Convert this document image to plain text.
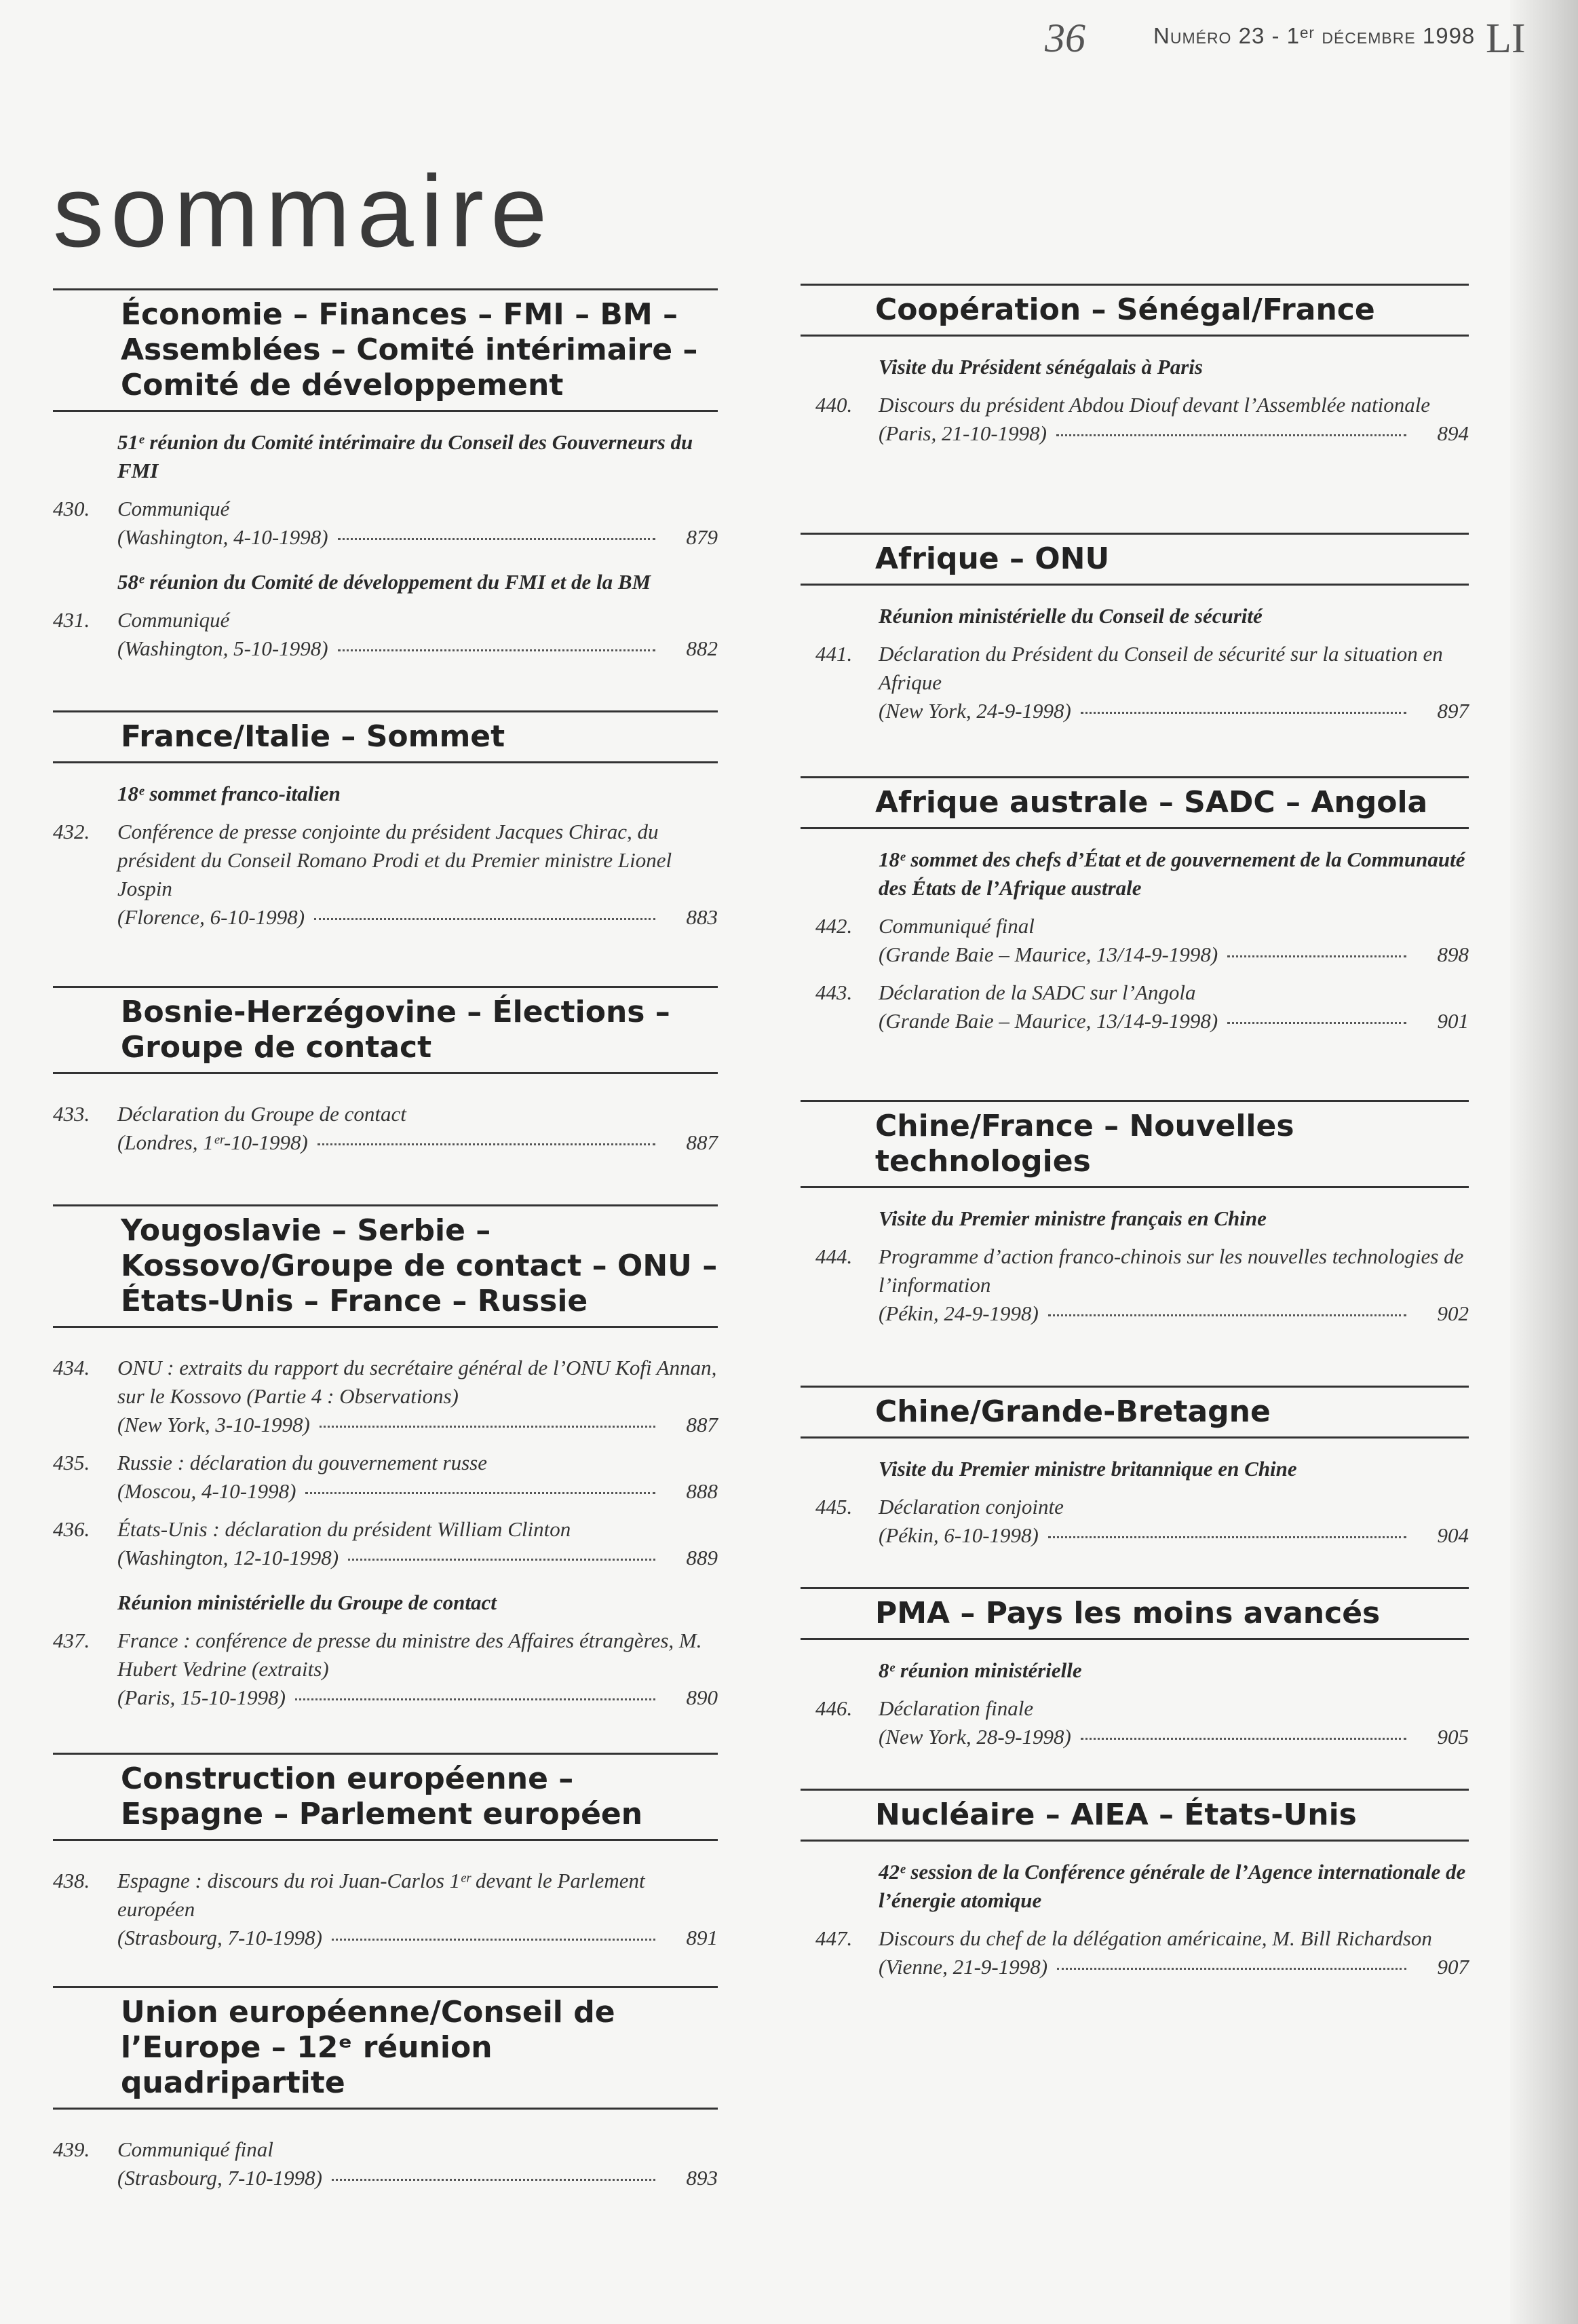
36	Numéro 23 - 1ᵉʳ décembre 1998 LI
sommaire
Économie – Finances – FMI – BM – Assemblées – Comité intérimaire – Comité de développement
51ᵉ réunion du Comité intérimaire du Conseil des Gouverneurs du FMI
430.	Communiqué
(Washington, 4-10-1998)	879
58ᵉ réunion du Comité de développement du FMI et de la BM
431.	Communiqué
(Washington, 5-10-1998)	882
France/Italie – Sommet
18ᵉ sommet franco-italien
432.	Conférence de presse conjointe du président Jacques Chirac, du président du Conseil Romano Prodi et du Premier ministre Lionel Jospin
(Florence, 6-10-1998)	883
Bosnie-Herzégovine – Élections – Groupe de contact
433.	Déclaration du Groupe de contact
(Londres, 1ᵉʳ-10-1998)	887
Yougoslavie – Serbie – Kossovo/Groupe de contact – ONU – États-Unis – France – Russie
434.	ONU : extraits du rapport du secrétaire général de l’ONU Kofi Annan, sur le Kossovo (Partie 4 : Observations)
(New York, 3-10-1998)	887
435.	Russie : déclaration du gouvernement russe
(Moscou, 4-10-1998)	888
436.	États-Unis : déclaration du président William Clinton
(Washington, 12-10-1998)	889
Réunion ministérielle du Groupe de contact
437.	France : conférence de presse du ministre des Affaires étrangères, M. Hubert Vedrine (extraits)
(Paris, 15-10-1998)	890
Construction européenne – Espagne – Parlement européen
438.	Espagne : discours du roi Juan-Carlos 1ᵉʳ devant le Parlement européen
(Strasbourg, 7-10-1998)	891
Union européenne/Conseil de l’Europe – 12ᵉ réunion quadripartite
439.	Communiqué final
(Strasbourg, 7-10-1998)	893
Coopération – Sénégal/France
Visite du Président sénégalais à Paris
440.	Discours du président Abdou Diouf devant l’Assemblée nationale
(Paris, 21-10-1998)	894
Afrique – ONU
Réunion ministérielle du Conseil de sécurité
441.	Déclaration du Président du Conseil de sécurité sur la situation en Afrique
(New York, 24-9-1998)	897
Afrique australe – SADC – Angola
18ᵉ sommet des chefs d’État et de gouvernement de la Communauté des États de l’Afrique australe
442.	Communiqué final
(Grande Baie – Maurice, 13/14-9-1998)	898
443.	Déclaration de la SADC sur l’Angola
(Grande Baie – Maurice, 13/14-9-1998)	901
Chine/France – Nouvelles technologies
Visite du Premier ministre français en Chine
444.	Programme d’action franco-chinois sur les nouvelles technologies de l’information
(Pékin, 24-9-1998)	902
Chine/Grande-Bretagne
Visite du Premier ministre britannique en Chine
445.	Déclaration conjointe
(Pékin, 6-10-1998)	904
PMA – Pays les moins avancés
8ᵉ réunion ministérielle
446.	Déclaration finale
(New York, 28-9-1998)	905
Nucléaire – AIEA – États-Unis
42ᵉ session de la Conférence générale de l’Agence internationale de l’énergie atomique
447.	Discours du chef de la délégation américaine, M. Bill Richardson
(Vienne, 21-9-1998)	907
